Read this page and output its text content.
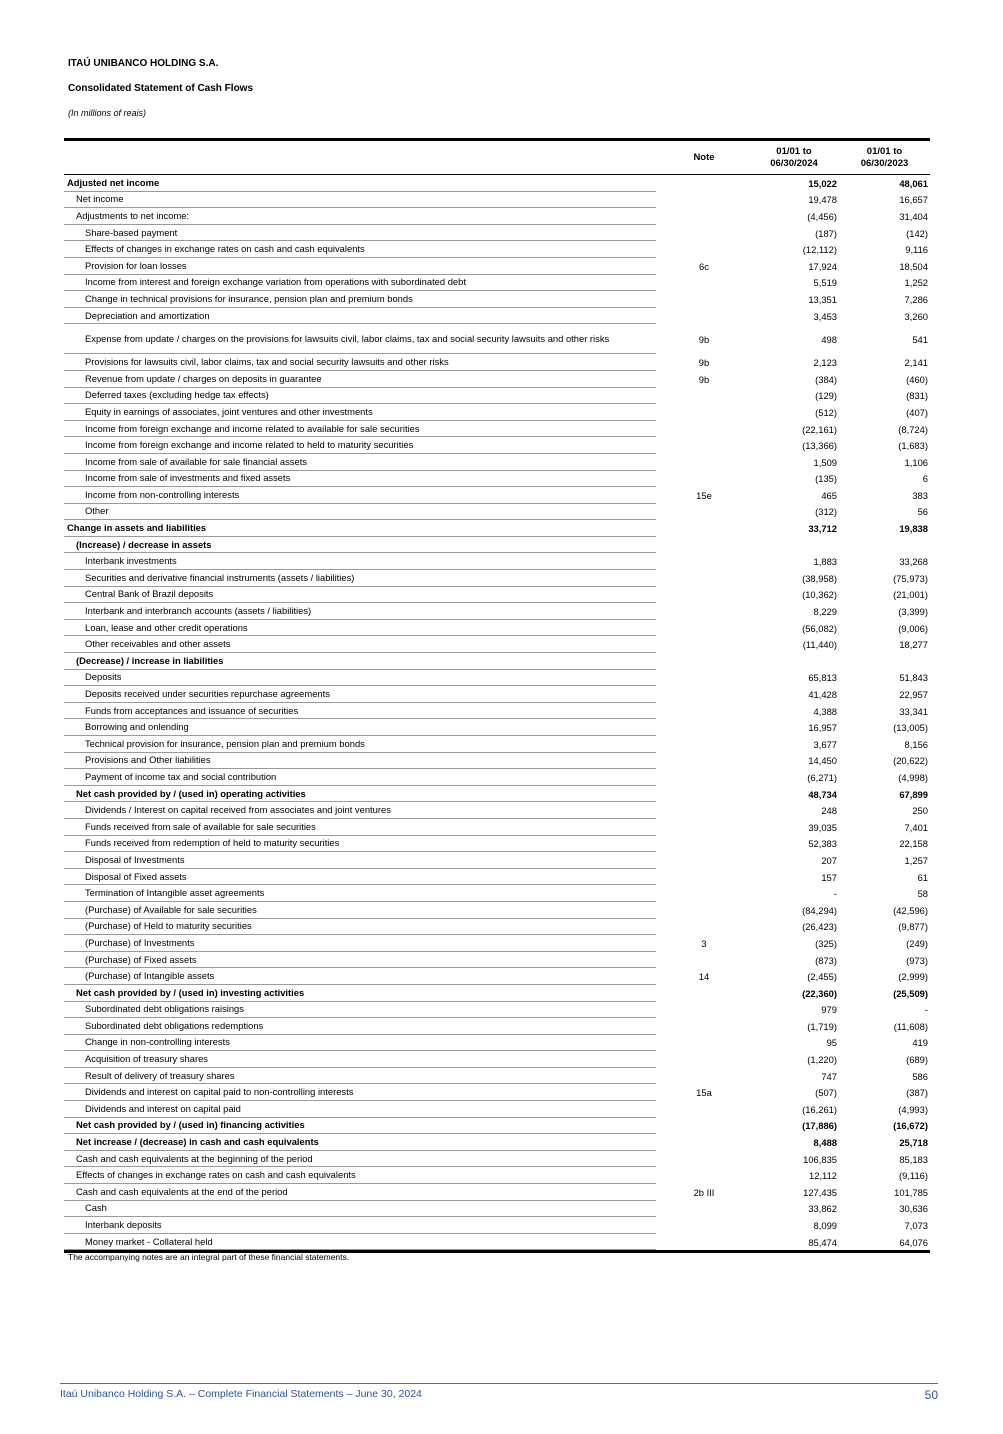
ITAÚ UNIBANCO HOLDING S.A.
Consolidated Statement of Cash Flows
(In millions of reais)
Note
01/01 to
06/30/2024
01/01 to
06/30/2023
Adjusted net income	15,022	48,061
Net income	19,478	16,657
Adjustments to net income:	(4,456)	31,404
Share-based payment	(187)	(142)
Effects of changes in exchange rates on cash and cash equivalents	(12,112)	9,116
Provision for loan losses	6c	17,924	18,504
Income from interest and foreign exchange variation from operations with subordinated debt	5,519	1,252
Change in technical provisions for insurance, pension plan and premium bonds	13,351	7,286
Depreciation and amortization	3,453	3,260
Expense from update / charges on the provisions for lawsuits civil, labor claims, tax and social security lawsuits and other risks	9b	498	541
Provisions for lawsuits civil, labor claims, tax and social security lawsuits and other risks	9b	2,123	2,141
Revenue from update / charges on deposits in guarantee	9b	(384)	(460)
Deferred taxes (excluding hedge tax effects)	(129)	(831)
Equity in earnings of associates, joint ventures and other investments	(512)	(407)
Income from foreign exchange and income related to available for sale securities	(22,161)	(8,724)
Income from foreign exchange and income related to held to maturity securities	(13,366)	(1,683)
Income from sale of available for sale financial assets	1,509	1,106
Income from sale of investments and fixed assets	(135)	6
Income from non-controlling interests	15e	465	383
Other	(312)	56
Change in assets and liabilities	33,712	19,838
(Increase) / decrease in assets
Interbank investments	1,883	33,268
Securities and derivative financial instruments (assets / liabilities)	(38,958)	(75,973)
Central Bank of Brazil deposits	(10,362)	(21,001)
Interbank and interbranch accounts (assets / liabilities)	8,229	(3,399)
Loan, lease and other credit operations	(56,082)	(9,006)
Other receivables and other assets	(11,440)	18,277
(Decrease) / increase in liabilities
Deposits	65,813	51,843
Deposits received under securities repurchase agreements	41,428	22,957
Funds from acceptances and issuance of securities	4,388	33,341
Borrowing and onlending	16,957	(13,005)
Technical provision for insurance, pension plan and premium bonds	3,677	8,156
Provisions and Other liabilities	14,450	(20,622)
Payment of income tax and social contribution	(6,271)	(4,998)
Net cash provided by / (used in) operating activities	48,734	67,899
Dividends / Interest on capital received from associates and joint ventures	248	250
Funds received from sale of available for sale securities	39,035	7,401
Funds received from redemption of held to maturity securities	52,383	22,158
Disposal of Investments	207	1,257
Disposal of Fixed assets	157	61
Termination of Intangible asset agreements	-	58
(Purchase) of Available for sale securities	(84,294)	(42,596)
(Purchase) of Held to maturity securities	(26,423)	(9,877)
(Purchase) of Investments	3	(325)	(249)
(Purchase) of Fixed assets	(873)	(973)
(Purchase) of Intangible assets	14	(2,455)	(2,999)
Net cash provided by / (used in) investing activities	(22,360)	(25,509)
Subordinated debt obligations raisings	979	-
Subordinated debt obligations redemptions	(1,719)	(11,608)
Change in non-controlling interests	95	419
Acquisition of treasury shares	(1,220)	(689)
Result of delivery of treasury shares	747	586
Dividends and interest on capital paid to non-controlling interests	15a	(507)	(387)
Dividends and interest on capital paid	(16,261)	(4,993)
Net cash provided by / (used in) financing activities	(17,886)	(16,672)
Net increase / (decrease) in cash and cash equivalents	8,488	25,718
Cash and cash equivalents at the beginning of the period	106,835	85,183
Effects of changes in exchange rates on cash and cash equivalents	12,112	(9,116)
Cash and cash equivalents at the end of the period	2b III	127,435	101,785
Cash	33,862	30,636
Interbank deposits	8,099	7,073
Money market - Collateral held	85,474	64,076
The accompanying notes are an integral part of these financial statements.
Itaú Unibanco Holding S.A. – Complete Financial Statements – June 30, 2024	50
